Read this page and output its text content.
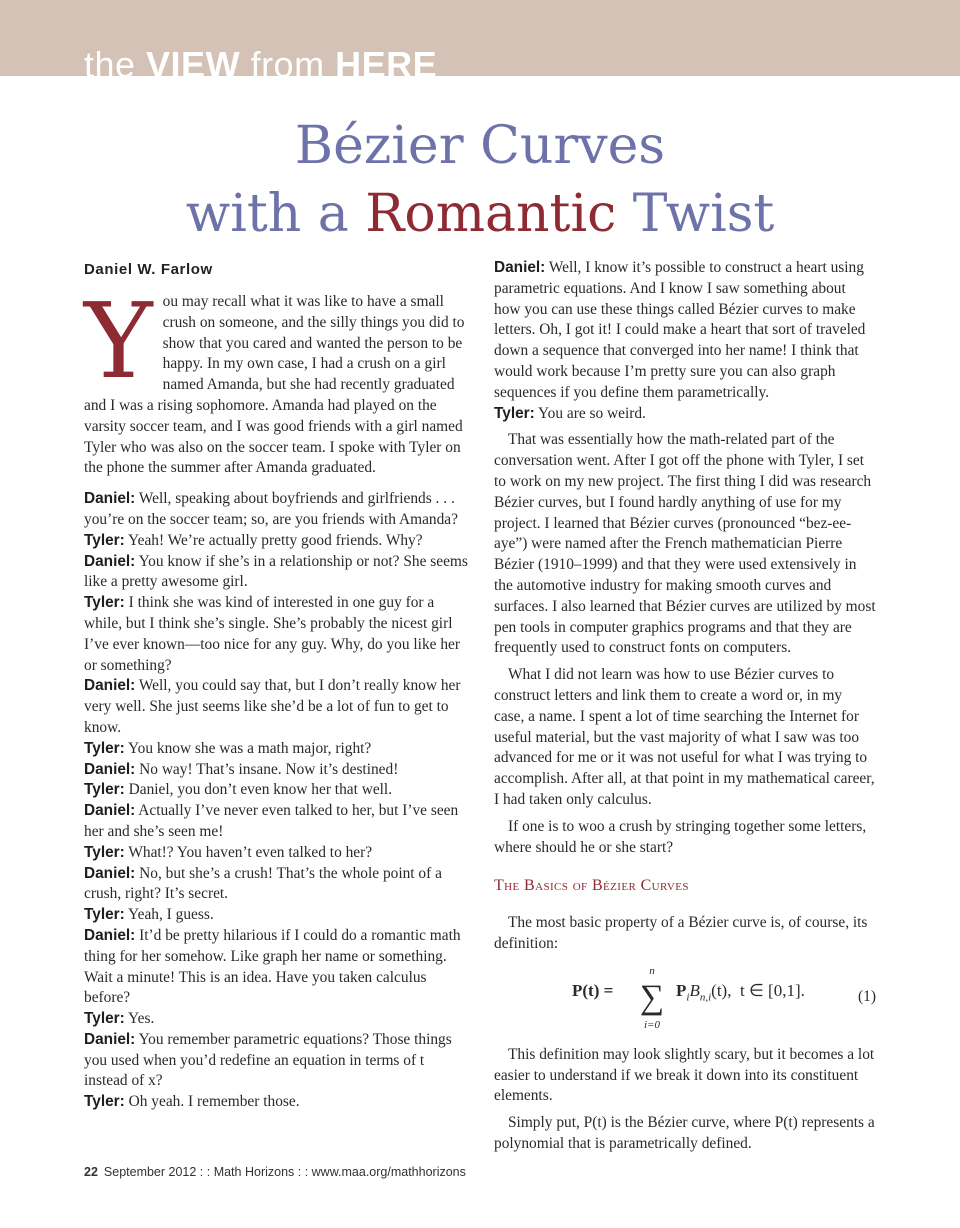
the VIEW from HERE
Bézier Curves
with a Romantic Twist
Daniel W. Farlow
You may recall what it was like to have a small crush on someone, and the silly things you did to show that you cared and wanted the person to be happy. In my own case, I had a crush on a girl named Amanda, but she had recently graduated and I was a rising sophomore. Amanda had played on the varsity soccer team, and I was good friends with a girl named Tyler who was also on the soccer team. I spoke with Tyler on the phone the summer after Amanda graduated.
Daniel: Well, speaking about boyfriends and girlfriends . . . you’re on the soccer team; so, are you friends with Amanda?
Tyler: Yeah! We’re actually pretty good friends. Why?
Daniel: You know if she’s in a relationship or not? She seems like a pretty awesome girl.
Tyler: I think she was kind of interested in one guy for a while, but I think she’s single. She’s probably the nicest girl I’ve ever known—too nice for any guy. Why, do you like her or something?
Daniel: Well, you could say that, but I don’t really know her very well. She just seems like she’d be a lot of fun to get to know.
Tyler: You know she was a math major, right?
Daniel: No way! That’s insane. Now it’s destined!
Tyler: Daniel, you don’t even know her that well.
Daniel: Actually I’ve never even talked to her, but I’ve seen her and she’s seen me!
Tyler: What!? You haven’t even talked to her?
Daniel: No, but she’s a crush! That’s the whole point of a crush, right? It’s secret.
Tyler: Yeah, I guess.
Daniel: It’d be pretty hilarious if I could do a romantic math thing for her somehow. Like graph her name or something. Wait a minute! This is an idea. Have you taken calculus before?
Tyler: Yes.
Daniel: You remember parametric equations? Those things you used when you’d redefine an equation in terms of t instead of x?
Tyler: Oh yeah. I remember those.
Daniel: Well, I know it’s possible to construct a heart using parametric equations. And I know I saw something about how you can use these things called Bézier curves to make letters. Oh, I got it! I could make a heart that sort of traveled down a sequence that converged into her name! I think that would work because I’m pretty sure you can also graph sequences if you define them parametrically.
Tyler: You are so weird.
That was essentially how the math-related part of the conversation went. After I got off the phone with Tyler, I set to work on my new project. The first thing I did was research Bézier curves, but I found hardly anything of use for my project. I learned that Bézier curves (pronounced “bez-ee-aye”) were named after the French mathematician Pierre Bézier (1910–1999) and that they were used extensively in the automotive industry for making smooth curves and surfaces. I also learned that Bézier curves are utilized by most pen tools in computer graphics programs and that they are frequently used to construct fonts on computers.
What I did not learn was how to use Bézier curves to construct letters and link them to create a word or, in my case, a name. I spent a lot of time searching the Internet for useful material, but the vast majority of what I saw was too advanced for me or it was not useful for what I was trying to accomplish. After all, at that point in my mathematical career, I had taken only calculus.
If one is to woo a crush by stringing together some letters, where should he or she start?
The Basics of Bézier Curves
The most basic property of a Bézier curve is, of course, its definition:
P(t) =
n
∑
i=0
$P_iB_{n,i}(t)$, t ∈ [0,1].	(1)
This definition may look slightly scary, but it becomes a lot easier to understand if we break it down into its constituent elements.
Simply put, P(t) is the Bézier curve, where P(t) represents a polynomial that is parametrically defined.
22 September 2012 : : Math Horizons : : www.maa.org/mathhorizons
